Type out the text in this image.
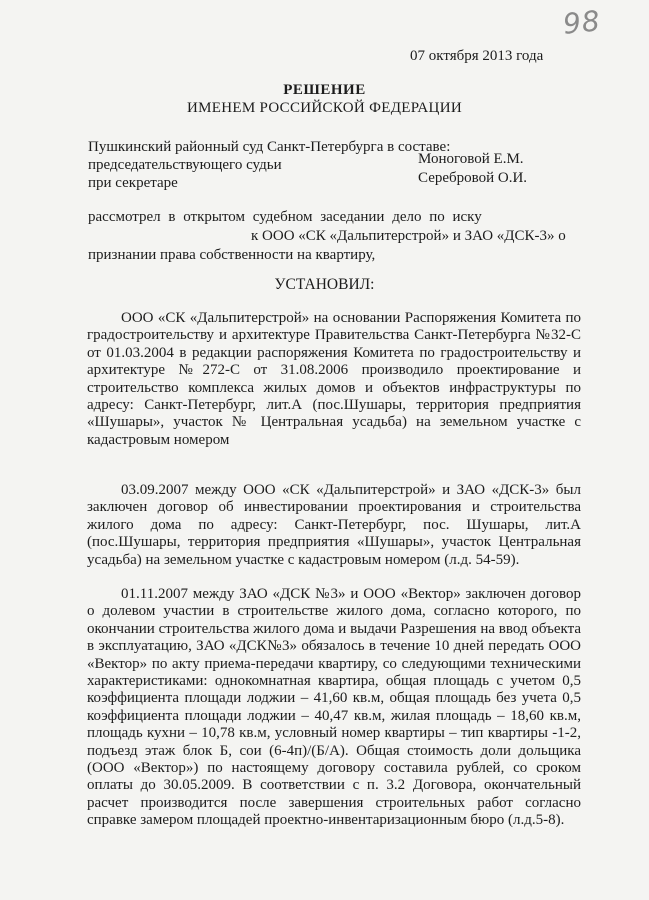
98
07 октября 2013 года
РЕШЕНИЕ
ИМЕНЕМ РОССИЙСКОЙ ФЕДЕРАЦИИ
Пушкинский районный суд Санкт-Петербурга в составе:
председательствующего судьи	Моноговой Е.М.
при секретаре	Серебровой О.И.
рассмотрел в открытом судебном заседании дело по иску
к ООО «СК «Дальпитерстрой» и ЗАО «ДСК-3» о
признании права собственности на квартиру,
УСТАНОВИЛ:
ООО «СК «Дальпитерстрой» на основании Распоряжения Комитета по градостроительству и архитектуре Правительства Санкт-Петербурга №32-С от 01.03.2004 в редакции распоряжения Комитета по градостроительству и архитектуре №272-С от 31.08.2006 производило проектирование и строительство комплекса жилых домов и объектов инфраструктуры по адресу: Санкт-Петербург, лит.А (пос.Шушары, территория предприятия «Шушары», участок № Центральная усадьба) на земельном участке с кадастровым номером
03.09.2007 между ООО «СК «Дальпитерстрой» и ЗАО «ДСК-3» был заключен договор об инвестировании проектирования и строительства жилого дома по адресу: Санкт-Петербург, пос. Шушары, лит.А (пос.Шушары, территория предприятия «Шушары», участок Центральная усадьба) на земельном участке с кадастровым номером (л.д. 54-59).
01.11.2007 между ЗАО «ДСК №3» и ООО «Вектор» заключен договор о долевом участии в строительстве жилого дома, согласно которого, по окончании строительства жилого дома и выдачи Разрешения на ввод объекта в эксплуатацию, ЗАО «ДСК№3» обязалось в течение 10 дней передать ООО «Вектор» по акту приема-передачи квартиру, со следующими техническими характеристиками: однокомнатная квартира, общая площадь с учетом 0,5 коэффициента площади лоджии – 41,60 кв.м, общая площадь без учета 0,5 коэффициента площади лоджии – 40,47 кв.м, жилая площадь – 18,60 кв.м, площадь кухни – 10,78 кв.м, условный номер квартиры – тип квартиры -1-2, подъезд этаж блок Б, сои (6-4п)/(Б/А). Общая стоимость доли дольщика (ООО «Вектор») по настоящему договору составила рублей, со сроком оплаты до 30.05.2009. В соответствии с п. 3.2 Договора, окончательный расчет производится после завершения строительных работ согласно справке замером площадей проектно-инвентаризационным бюро (л.д.5-8).
